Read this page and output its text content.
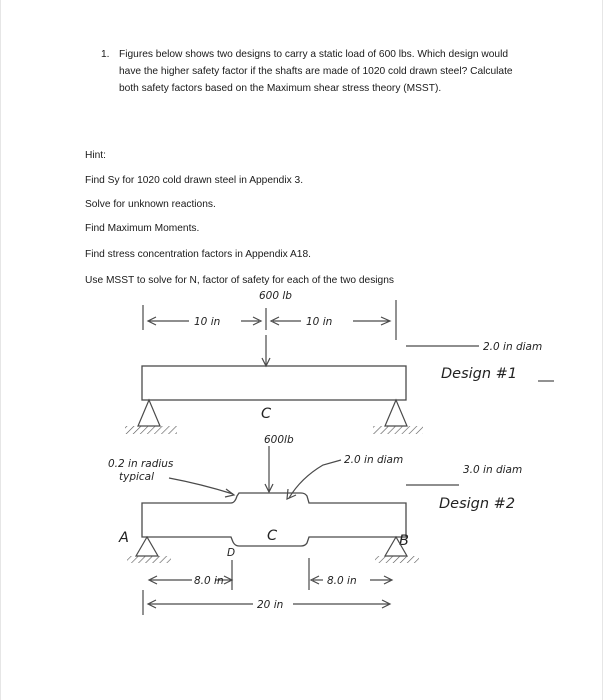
1. Figures below shows two designs to carry a static load of 600 lbs. Which design would have the higher safety factor if the shafts are made of 1020 cold drawn steel? Calculate both safety factors based on the Maximum shear stress theory (MSST).
Hint:
Find Sy for 1020 cold drawn steel in Appendix 3.
Solve for unknown reactions.
Find Maximum Moments.
Find stress concentration factors in Appendix A18.
Use MSST to solve for N, factor of safety for each of the two designs
600 lb
10 in	10 in
2.0 in diam
Design #1
C
600lb
0.2 in radius
typical
2.0 in diam
3.0 in diam
Design #2
A	B
C
D
8.0 in	8.0 in
20 in
